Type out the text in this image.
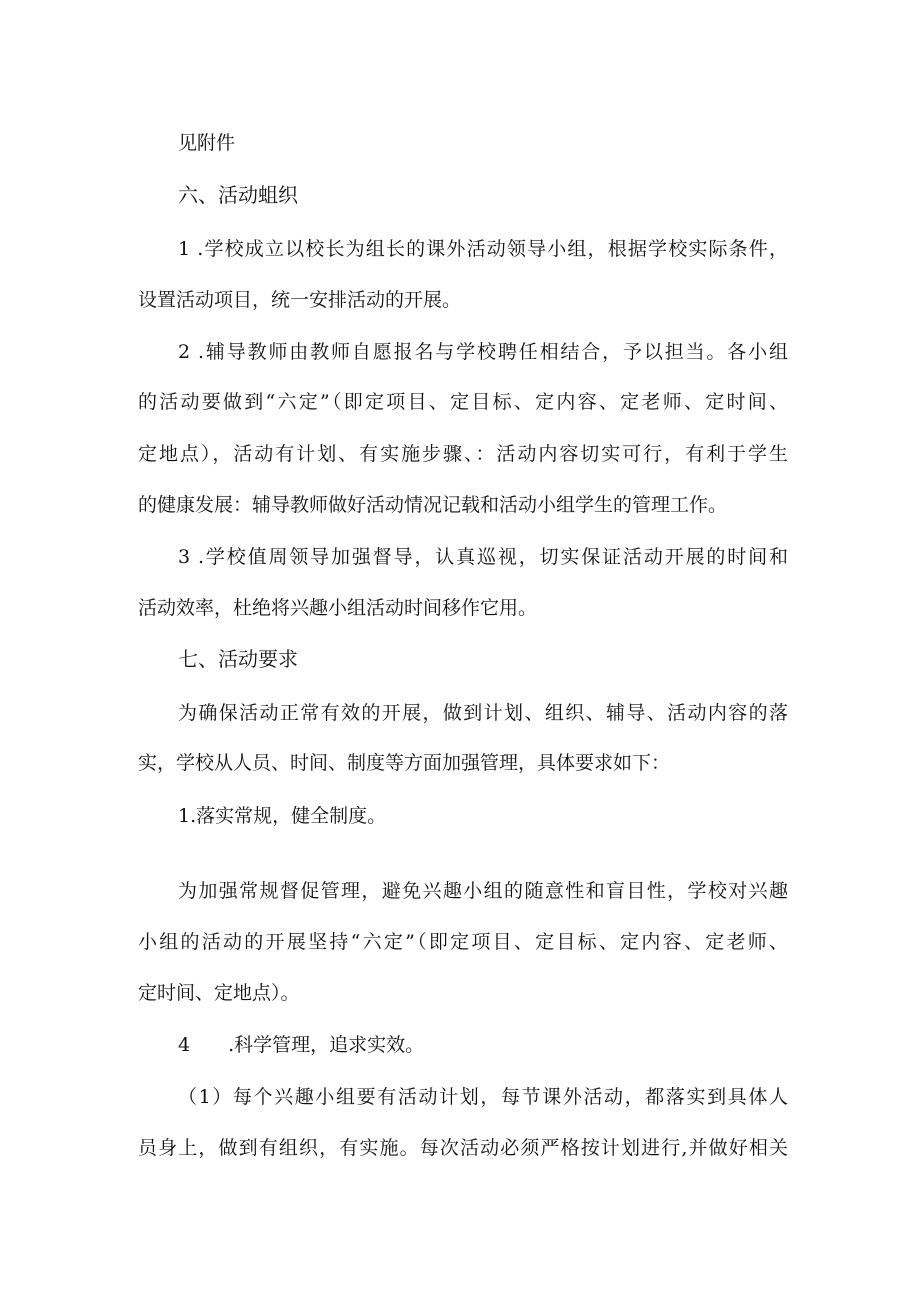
见附件

六、活动蛆织

1 .学校成立以校长为组长的课外活动领导小组，根据学校实际条件，

设置活动项目，统一安排活动的开展。

2 .辅导教师由教师自愿报名与学校聘任相结合，予以担当。各小组

的活动要做到“六定”（即定项目、定目标、定内容、定老师、定时间、

定地点），活动有计划、有实施步骤、：活动内容切实可行，有利于学生

的健康发展：辅导教师做好活动情况记载和活动小组学生的管理工作。

3 .学校值周领导加强督导，认真巡视，切实保证活动开展的时间和

活动效率，杜绝将兴趣小组活动时间移作它用。

七、活动要求

为确保活动正常有效的开展，做到计划、组织、辅导、活动内容的落

实，学校从人员、时间、制度等方面加强管理，具体要求如下：

1.落实常规，健全制度。

为加强常规督促管理，避免兴趣小组的随意性和盲目性，学校对兴趣

小组的活动的开展坚持“六定”（即定项目、定目标、定内容、定老师、

定时间、定地点）。

4　　.科学管理，追求实效。

（1）每个兴趣小组要有活动计划，每节课外活动，都落实到具体人

员身上，做到有组织，有实施。每次活动必须严格按计划进行,并做好相关
